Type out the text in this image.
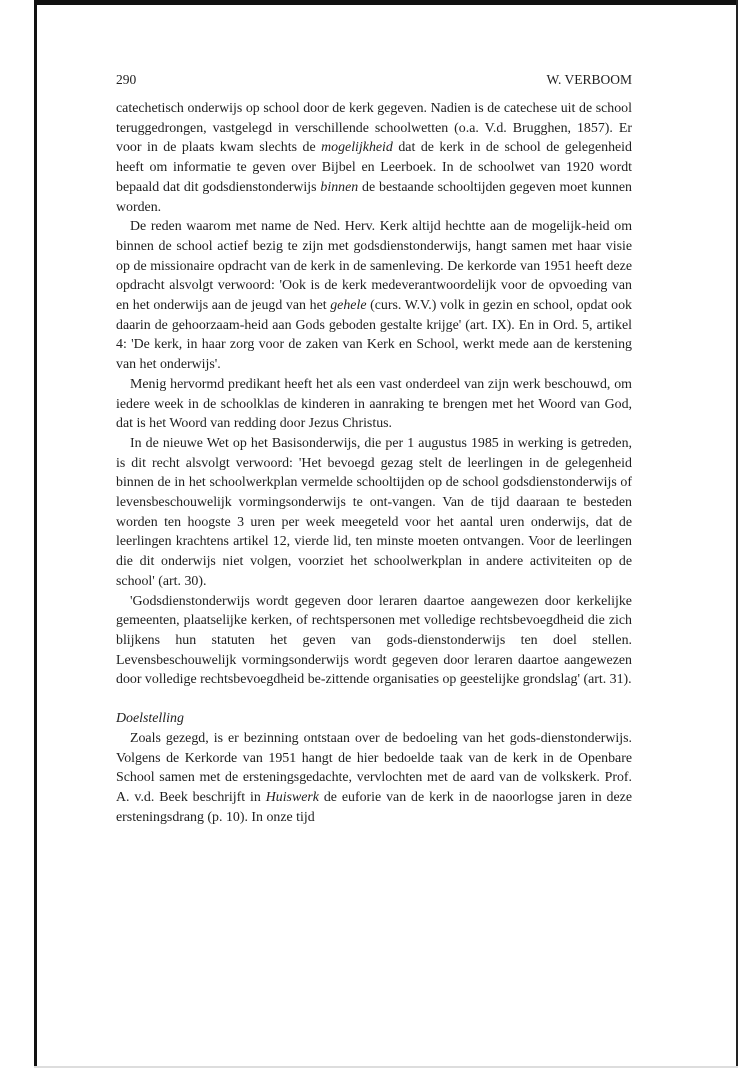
290	W. VERBOOM

catechetisch onderwijs op school door de kerk gegeven. Nadien is de catechese uit de school teruggedrongen, vastgelegd in verschillende schoolwetten (o.a. V.d. Brugghen, 1857). Er voor in de plaats kwam slechts de mogelijkheid dat de kerk in de school de gelegenheid heeft om informatie te geven over Bijbel en Leerboek. In de schoolwet van 1920 wordt bepaald dat dit godsdienstonderwijs binnen de bestaande schooltijden gegeven moet kunnen worden.

De reden waarom met name de Ned. Herv. Kerk altijd hechtte aan de mogelijk-heid om binnen de school actief bezig te zijn met godsdienstonderwijs, hangt samen met haar visie op de missionaire opdracht van de kerk in de samenleving. De kerkorde van 1951 heeft deze opdracht alsvolgt verwoord: 'Ook is de kerk medeverantwoordelijk voor de opvoeding van en het onderwijs aan de jeugd van het gehele (curs. W.V.) volk in gezin en school, opdat ook daarin de gehoorzaam-heid aan Gods geboden gestalte krijge' (art. IX). En in Ord. 5, artikel 4: 'De kerk, in haar zorg voor de zaken van Kerk en School, werkt mede aan de kerstening van het onderwijs'.

Menig hervormd predikant heeft het als een vast onderdeel van zijn werk beschouwd, om iedere week in de schoolklas de kinderen in aanraking te brengen met het Woord van God, dat is het Woord van redding door Jezus Christus.

In de nieuwe Wet op het Basisonderwijs, die per 1 augustus 1985 in werking is getreden, is dit recht alsvolgt verwoord: 'Het bevoegd gezag stelt de leerlingen in de gelegenheid binnen de in het schoolwerkplan vermelde schooltijden op de school godsdienstonderwijs of levensbeschouwelijk vormingsonderwijs te ont-vangen. Van de tijd daaraan te besteden worden ten hoogste 3 uren per week meegeteld voor het aantal uren onderwijs, dat de leerlingen krachtens artikel 12, vierde lid, ten minste moeten ontvangen. Voor de leerlingen die dit onderwijs niet volgen, voorziet het schoolwerkplan in andere activiteiten op de school' (art. 30).

'Godsdienstonderwijs wordt gegeven door leraren daartoe aangewezen door kerkelijke gemeenten, plaatselijke kerken, of rechtspersonen met volledige rechtsbevoegdheid die zich blijkens hun statuten het geven van gods-dienstonderwijs ten doel stellen. Levensbeschouwelijk vormingsonderwijs wordt gegeven door leraren daartoe aangewezen door volledige rechtsbevoegdheid be-zittende organisaties op geestelijke grondslag' (art. 31).

Doelstelling

Zoals gezegd, is er bezinning ontstaan over de bedoeling van het gods-dienstonderwijs. Volgens de Kerkorde van 1951 hangt de hier bedoelde taak van de kerk in de Openbare School samen met de ersteningsgedachte, vervlochten met de aard van de volkskerk. Prof. A. v.d. Beek beschrijft in Huiswerk de euforie van de kerk in de naoorlogse jaren in deze ersteningsdrang (p. 10). In onze tijd
